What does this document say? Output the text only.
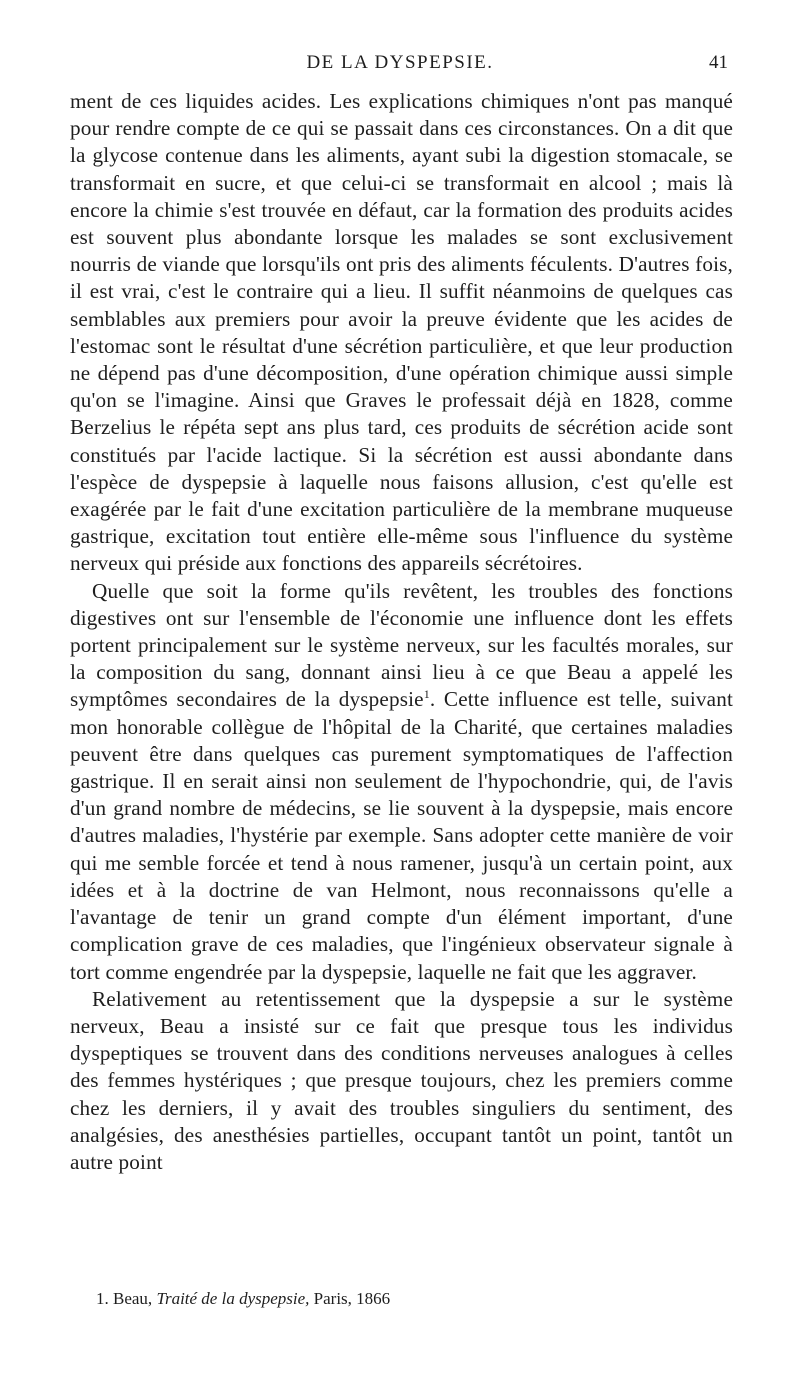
DE LA DYSPEPSIE.	41

ment de ces liquides acides. Les explications chimiques n'ont pas manqué pour rendre compte de ce qui se passait dans ces circonstances. On a dit que la glycose contenue dans les aliments, ayant subi la digestion stomacale, se transformait en sucre, et que celui-ci se transformait en alcool ; mais là encore la chimie s'est trouvée en défaut, car la formation des produits acides est souvent plus abondante lorsque les malades se sont exclusivement nourris de viande que lorsqu'ils ont pris des aliments féculents. D'autres fois, il est vrai, c'est le contraire qui a lieu. Il suffit néanmoins de quelques cas semblables aux premiers pour avoir la preuve évidente que les acides de l'estomac sont le résultat d'une sécrétion particulière, et que leur production ne dépend pas d'une décomposition, d'une opération chimique aussi simple qu'on se l'imagine. Ainsi que Graves le professait déjà en 1828, comme Berzelius le répéta sept ans plus tard, ces produits de sécrétion acide sont constitués par l'acide lactique. Si la sécrétion est aussi abondante dans l'espèce de dyspepsie à laquelle nous faisons allusion, c'est qu'elle est exagérée par le fait d'une excitation particulière de la membrane muqueuse gastrique, excitation tout entière elle-même sous l'influence du système nerveux qui préside aux fonctions des appareils sécrétoires.

Quelle que soit la forme qu'ils revêtent, les troubles des fonctions digestives ont sur l'ensemble de l'économie une influence dont les effets portent principalement sur le système nerveux, sur les facultés morales, sur la composition du sang, donnant ainsi lieu à ce que Beau a appelé les symptômes secondaires de la dyspepsie$^1$. Cette influence est telle, suivant mon honorable collègue de l'hôpital de la Charité, que certaines maladies peuvent être dans quelques cas purement symptomatiques de l'affection gastrique. Il en serait ainsi non seulement de l'hypochondrie, qui, de l'avis d'un grand nombre de médecins, se lie souvent à la dyspepsie, mais encore d'autres maladies, l'hystérie par exemple. Sans adopter cette manière de voir qui me semble forcée et tend à nous ramener, jusqu'à un certain point, aux idées et à la doctrine de van Helmont, nous reconnaissons qu'elle a l'avantage de tenir un grand compte d'un élément important, d'une complication grave de ces maladies, que l'ingénieux observateur signale à tort comme engendrée par la dyspepsie, laquelle ne fait que les aggraver.

Relativement au retentissement que la dyspepsie a sur le système nerveux, Beau a insisté sur ce fait que presque tous les individus dyspeptiques se trouvent dans des conditions nerveuses analogues à celles des femmes hystériques ; que presque toujours, chez les premiers comme chez les derniers, il y avait des troubles singuliers du sentiment, des analgésies, des anesthésies partielles, occupant tantôt un point, tantôt un autre point

1. Beau, Traité de la dyspepsie, Paris, 1866
